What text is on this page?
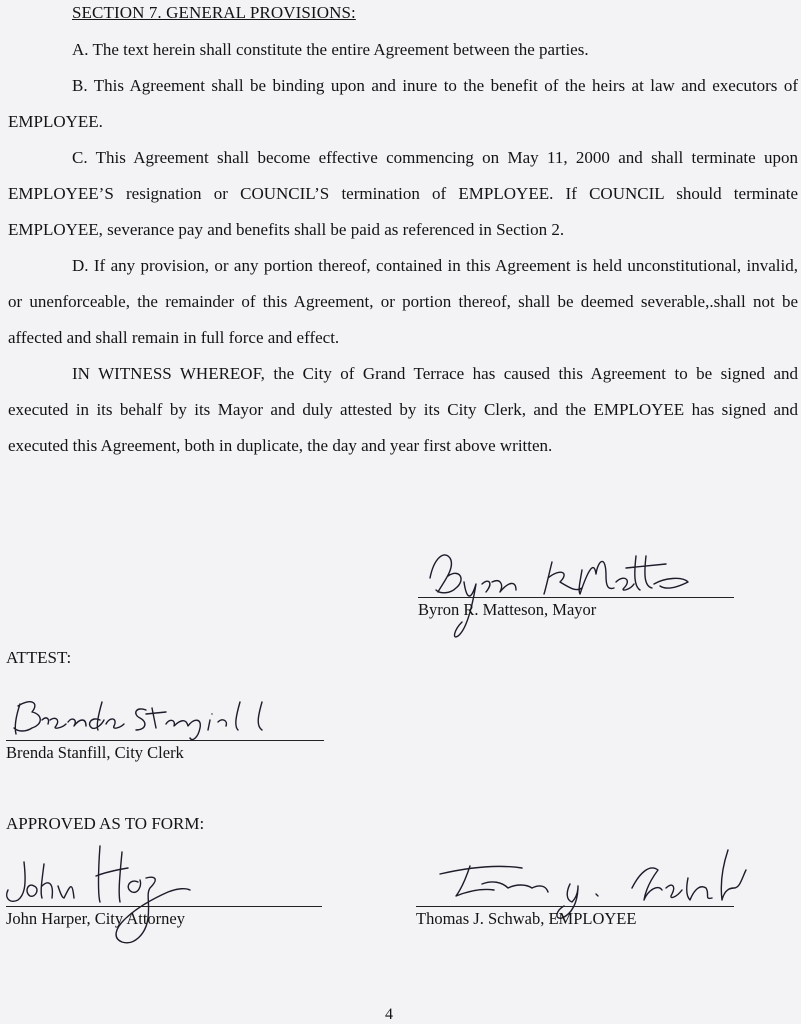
SECTION 7. GENERAL PROVISIONS:

A. The text herein shall constitute the entire Agreement between the parties.

B. This Agreement shall be binding upon and inure to the benefit of the heirs at law and executors of EMPLOYEE.

C. This Agreement shall become effective commencing on May 11, 2000 and shall terminate upon EMPLOYEE’S resignation or COUNCIL’S termination of EMPLOYEE. If COUNCIL should terminate EMPLOYEE, severance pay and benefits shall be paid as referenced in Section 2.

D. If any provision, or any portion thereof, contained in this Agreement is held unconstitutional, invalid, or unenforceable, the remainder of this Agreement, or portion thereof, shall be deemed severable,.shall not be affected and shall remain in full force and effect.

IN WITNESS WHEREOF, the City of Grand Terrace has caused this Agreement to be signed and executed in its behalf by its Mayor and duly attested by its City Clerk, and the EMPLOYEE has signed and executed this Agreement, both in duplicate, the day and year first above written.

Byron R. Matteson, Mayor
ATTEST:
Brenda Stanfill, City Clerk
APPROVED AS TO FORM:
John Harper, City Attorney	Thomas J. Schwab, EMPLOYEE
4
